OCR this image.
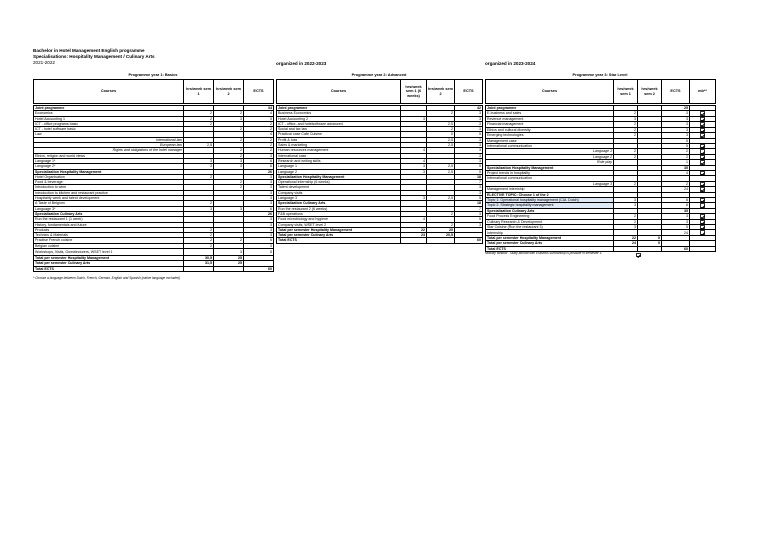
Bachelor in Hotel Management English programme
Specialisations: Hospitality Management / Culinary Arts
2021-2022	organized in 2022-2023	organized in 2023-2024
Programme year 1: Basics	Programme year 2: Advanced	Programme year 3: Star Level
Courses	hrs/week sem 1	hrs/week sem 2	ECTS	Courses	hrs/week sem 1 (6 weeks)	hrs/week sem 2	ECTS	Courses	hrs/week sem 1	hrs/week sem 2	ECTS	mb**
Joint programme			34
Economics	2	2	4
Hotel Accounting 1	2	3	5
ICT - office programs basic	2		2
ICT - hotel software basic		2	2
Law			4
International law		2	2
European law	2,5		2
Rights and obligations of the hotel manager		2	2
Ethics, religion and world views		2	3
Language 1*	3	3	6
Language 2*	3	3	6
Specialization Hospitality Management			26
Hotel Organisation	2		3
Food & beverage		2	3
Introduction to wine		2	3
Introduction to kitchen and restaurant practice			3
Hospitality week and talent development			3
A Taste of Belgium	2		3
Language 3*	3	3	6
Specialization Culinary Arts			26
Run the restaurant 1 (1 week)			3
History, fundamentals and future			3
Products	2		3
Technics & Materials	2		3
Practise French cuisine	2	2	6
Belgian cuisine	2		3
Workshops, Visits, Guestlecturers, WSET level 1		3	5
Total per semester Hospitality Management	30,5	25	
Total per semester Culinary Arts	31,5	25	
Total ECTS			60
Joint programme			42
Business Economics		2	3
Hotel Accounting 2	3		3
ICT - office- and hotelsoftware advanced		2,5	3
Social and tax law		2	3
Practical case Café Cuisine		0	5
Profit & loss		2,5	3
Sales & marketing		2,5	3
Human resources management	4		3
International case			3
Research and writing skills	4		3
Language 1	3	2,5	5
Language 2	3	2,5	5
Specialization Hospitality Management			18
Operational internship (6 weeks)			7
Talent development			3
Company visits			3
Language 3	3	2,5	5
Specialization Culinary Arts			18
Run the restaurant 2 (6 weeks)			7
F&B operations		2	3
Food microbiology and hygiene	4		5
Company visits, WSET level 2		2	3
Total per semester Hospitality Management	22	20	
Total per semester Culinary Arts	23	20,5	
Total ECTS			60
Joint programme			25	
E-business and sales	2		3	
Revenue management	3		3	
Financial management	2		3	
Ethics and cultural diversity	2		3	
Emerging technologies	2		3	
Management case			5	
International communication			5	
Language 1	2		2	
Language 2	2		2	
Role play			1	
Specialization Hospitality Management			35	
Project trends in hospitality			4	
International communication				
Language 3	2		2	
Management internship			24	
ELECTIVE TOPIC: Choose 1 of the 2				
Topic 1: Operational hospitality management (CUL Dutch)	3		6	
Topic 2: Strategic hospitality management	3		6	
Specialization Culinary Arts			35	
Food Process Engineering	2		3	
Culinary Research & Development	2		3	
Star Cuisine (Run the restaurant 3)	3		5	
Internship			24	
Total per semester Hospitality Management	22	0		
Total per semester Culinary Arts	24	0		
Total ECTS			60	
* Choose a language between Dutch, French, German, English and Spanish (native language excluded)
Mobility window - study abroad with Erasmus scholarship is possible in semester 1.
